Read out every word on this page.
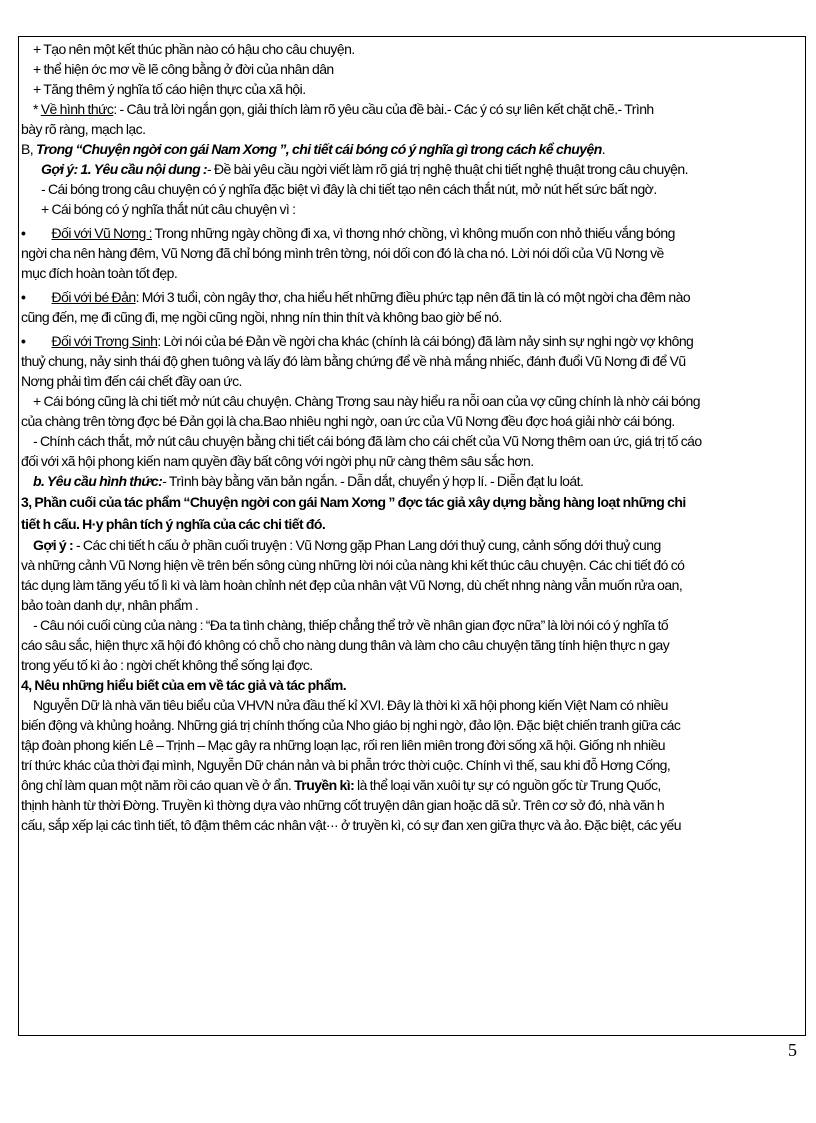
+ Tạo nên một kết thúc phần nào có hậu cho câu chuyện.
+ thể hiện ớc mơ về lẽ công bằng ở đời của nhân dân
+ Tăng thêm ý nghĩa tố cáo hiện thực của xã hội.
* Về hình thức: - Câu trả lời ngắn gọn, giải thích làm rõ yêu cầu của đề bài.- Các ý có sự liên kết chặt chẽ.- Trình
bày rõ ràng, mạch lạc.
B, Trong “Chuyện ngời con gái Nam Xơng ”, chi tiết cái bóng có ý nghĩa gì trong cách kể chuyện.
Gợi ý: 1. Yêu cầu nội dung :- Đề bài yêu cầu ngời viết làm rõ giá trị nghệ thuật chi tiết nghệ thuật trong câu chuyện.
- Cái bóng trong câu chuyện có ý nghĩa đặc biệt vì đây là chi tiết tạo nên cách thắt nút, mở nút hết sức bất ngờ.
+ Cái bóng có ý nghĩa thắt nút câu chuyện vì :
• Đối với Vũ Nơng : Trong những ngày chồng đi xa, vì thơng nhớ chồng, vì không muốn con nhỏ thiếu vắng bóng
ngời cha nên hàng đêm, Vũ Nơng đã chỉ bóng mình trên tờng, nói dối con đó là cha nó. Lời nói dối của Vũ Nơng về
mục đích hoàn toàn tốt đẹp.
• Đối với bé Đản: Mới 3 tuổi, còn ngây thơ, cha hiểu hết những điều phức tạp nên đã tin là có một ngời cha đêm nào
cũng đến, mẹ đi cũng đi, mẹ ngồi cũng ngồi, nhng nín thin thít và không bao giờ bế nó.
• Đối với Trơng Sinh: Lời nói của bé Đản về ngời cha khác (chính là cái bóng) đã làm nảy sinh sự nghi ngờ vợ không
thuỷ chung, nảy sinh thái độ ghen tuông và lấy đó làm bằng chứng để về nhà mắng nhiếc, đánh đuổi Vũ Nơng đi để Vũ
Nơng phải tìm đến cái chết đầy oan ức.
+ Cái bóng cũng là chi tiết mở nút câu chuyện. Chàng Trơng sau này hiểu ra nỗi oan của vợ cũng chính là nhờ cái bóng
của chàng trên tờng đợc bé Đản gọi là cha.Bao nhiêu nghi ngờ, oan ức của Vũ Nơng đều đợc hoá giải nhờ cái bóng.
- Chính cách thắt, mở nút câu chuyện bằng chi tiết cái bóng đã làm cho cái chết của Vũ Nơng thêm oan ức, giá trị tố cáo
đối với xã hội phong kiến nam quyền đầy bất công với ngời phụ nữ càng thêm sâu sắc hơn.
b. Yêu cầu hình thức:- Trình bày bằng văn bản ngắn. - Dẫn dắt, chuyển ý hợp lí. - Diễn đạt lu loát.
3, Phần cuối của tác phẩm “Chuyện ngời con gái Nam Xơng ” đợc tác giả xây dựng bằng hàng loạt những chi
tiết h cấu. H·y phân tích ý nghĩa của các chi tiết đó.
Gợi ý : - Các chi tiết h cấu ở phần cuối truyện : Vũ Nơng gặp Phan Lang dới thuỷ cung, cảnh sống dới thuỷ cung
và những cảnh Vũ Nơng hiện về trên bến sông cùng những lời nói của nàng khi kết thúc câu chuyện. Các chi tiết đó có
tác dụng làm tăng yếu tố lì kì và làm hoàn chỉnh nét đẹp của nhân vật Vũ Nơng, dù chết nhng nàng vẫn muốn rửa oan,
bảo toàn danh dự, nhân phẩm .
- Câu nói cuối cùng của nàng : “Đa ta tình chàng, thiếp chẳng thể trở về nhân gian đợc nữa” là lời nói có ý nghĩa tố
cáo sâu sắc, hiện thực xã hội đó không có chỗ cho nàng dung thân và làm cho câu chuyện tăng tính hiện thực n gay
trong yếu tố kì ảo : ngời chết không thể sống lại đợc.
4, Nêu những hiểu biết của em về tác giả và tác phẩm.
Nguyễn Dữ là nhà văn tiêu biểu của VHVN nửa đầu thế kỉ XVI. Đây là thời kì xã hội phong kiến Việt Nam có nhiều
biến động và khủng hoảng. Những giá trị chính thống của Nho giáo bị nghi ngờ, đảo lộn. Đặc biệt chiến tranh giữa các
tập đoàn phong kiến Lê – Trịnh – Mạc gây ra những loạn lạc, rối ren liên miên trong đời sống xã hội. Giống nh nhiều
trí thức khác của thời đại mình, Nguyễn Dữ chán nản và bi phẫn trớc thời cuộc. Chính vì thế, sau khi đỗ Hơng Cống,
ông chỉ làm quan một năm rồi cáo quan về ở ẩn. Truyền kì: là thể loại văn xuôi tự sự có nguồn gốc từ Trung Quốc,
thịnh hành từ thời Đờng. Truyền kì thờng dựa vào những cốt truyện dân gian hoặc dã sử. Trên cơ sở đó, nhà văn h
cấu, sắp xếp lại các tình tiết, tô đậm thêm các nhân vật··· ở truyền kì, có sự đan xen giữa thực và ảo. Đặc biệt, các yếu
5
